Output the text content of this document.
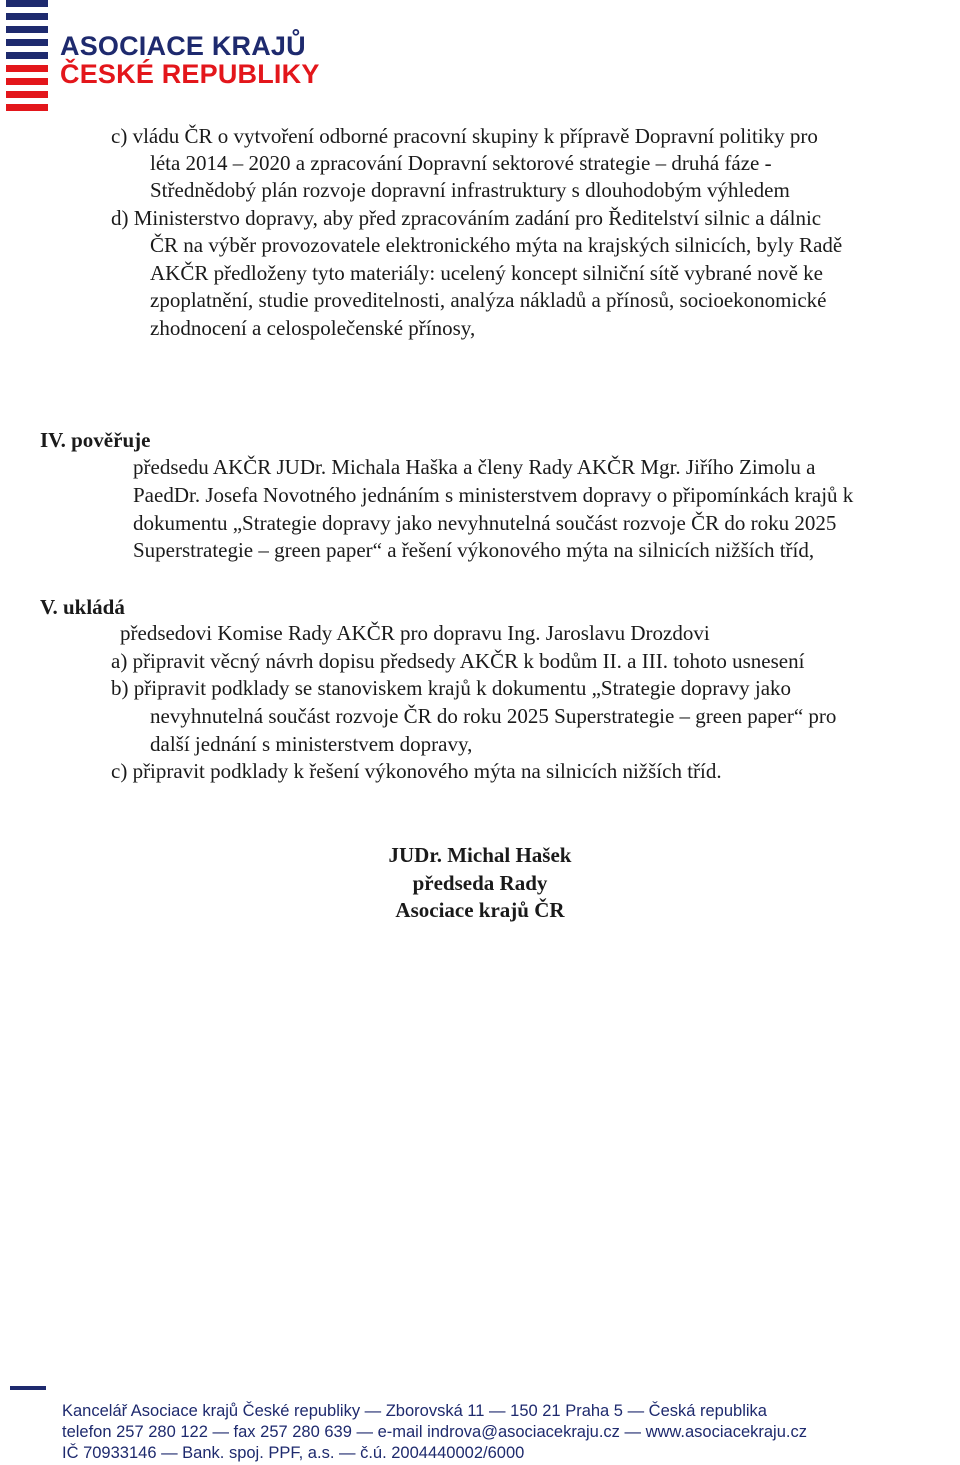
ASOCIACE KRAJŮ
ČESKÉ REPUBLIKY
c) vládu ČR o vytvoření odborné pracovní skupiny k přípravě Dopravní politiky pro
léta 2014 – 2020 a zpracování Dopravní sektorové strategie – druhá fáze -
Střednědobý plán rozvoje dopravní infrastruktury s dlouhodobým výhledem
d) Ministerstvo dopravy, aby před zpracováním zadání pro Ředitelství silnic a dálnic
ČR na výběr provozovatele elektronického mýta na krajských silnicích, byly Radě
AKČR předloženy tyto materiály: ucelený koncept silniční sítě vybrané nově ke
zpoplatnění, studie proveditelnosti, analýza nákladů a přínosů, socioekonomické
zhodnocení a celospolečenské přínosy,
IV. pověřuje
předsedu AKČR JUDr. Michala Haška a členy Rady AKČR Mgr. Jiřího Zimolu a
PaedDr. Josefa Novotného jednáním s ministerstvem dopravy o připomínkách krajů k
dokumentu „Strategie dopravy jako nevyhnutelná součást rozvoje ČR do roku 2025
Superstrategie – green paper“ a řešení výkonového mýta na silnicích nižších tříd,
V. ukládá
předsedovi Komise Rady AKČR pro dopravu Ing. Jaroslavu Drozdovi
a) připravit věcný návrh dopisu předsedy AKČR k bodům II. a III. tohoto usnesení
b) připravit podklady se stanoviskem krajů k dokumentu „Strategie dopravy jako
nevyhnutelná součást rozvoje ČR do roku 2025 Superstrategie – green paper“ pro
další jednání s ministerstvem dopravy,
c) připravit podklady k řešení výkonového mýta na silnicích nižších tříd.
JUDr. Michal Hašek
předseda Rady
Asociace krajů ČR
Kancelář Asociace krajů České republiky — Zborovská 11 — 150 21 Praha 5 — Česká republika
telefon 257 280 122 — fax 257 280 639 — e-mail indrova@asociacekraju.cz — www.asociacekraju.cz
IČ 70933146 — Bank. spoj. PPF, a.s. — č.ú. 2004440002/6000
